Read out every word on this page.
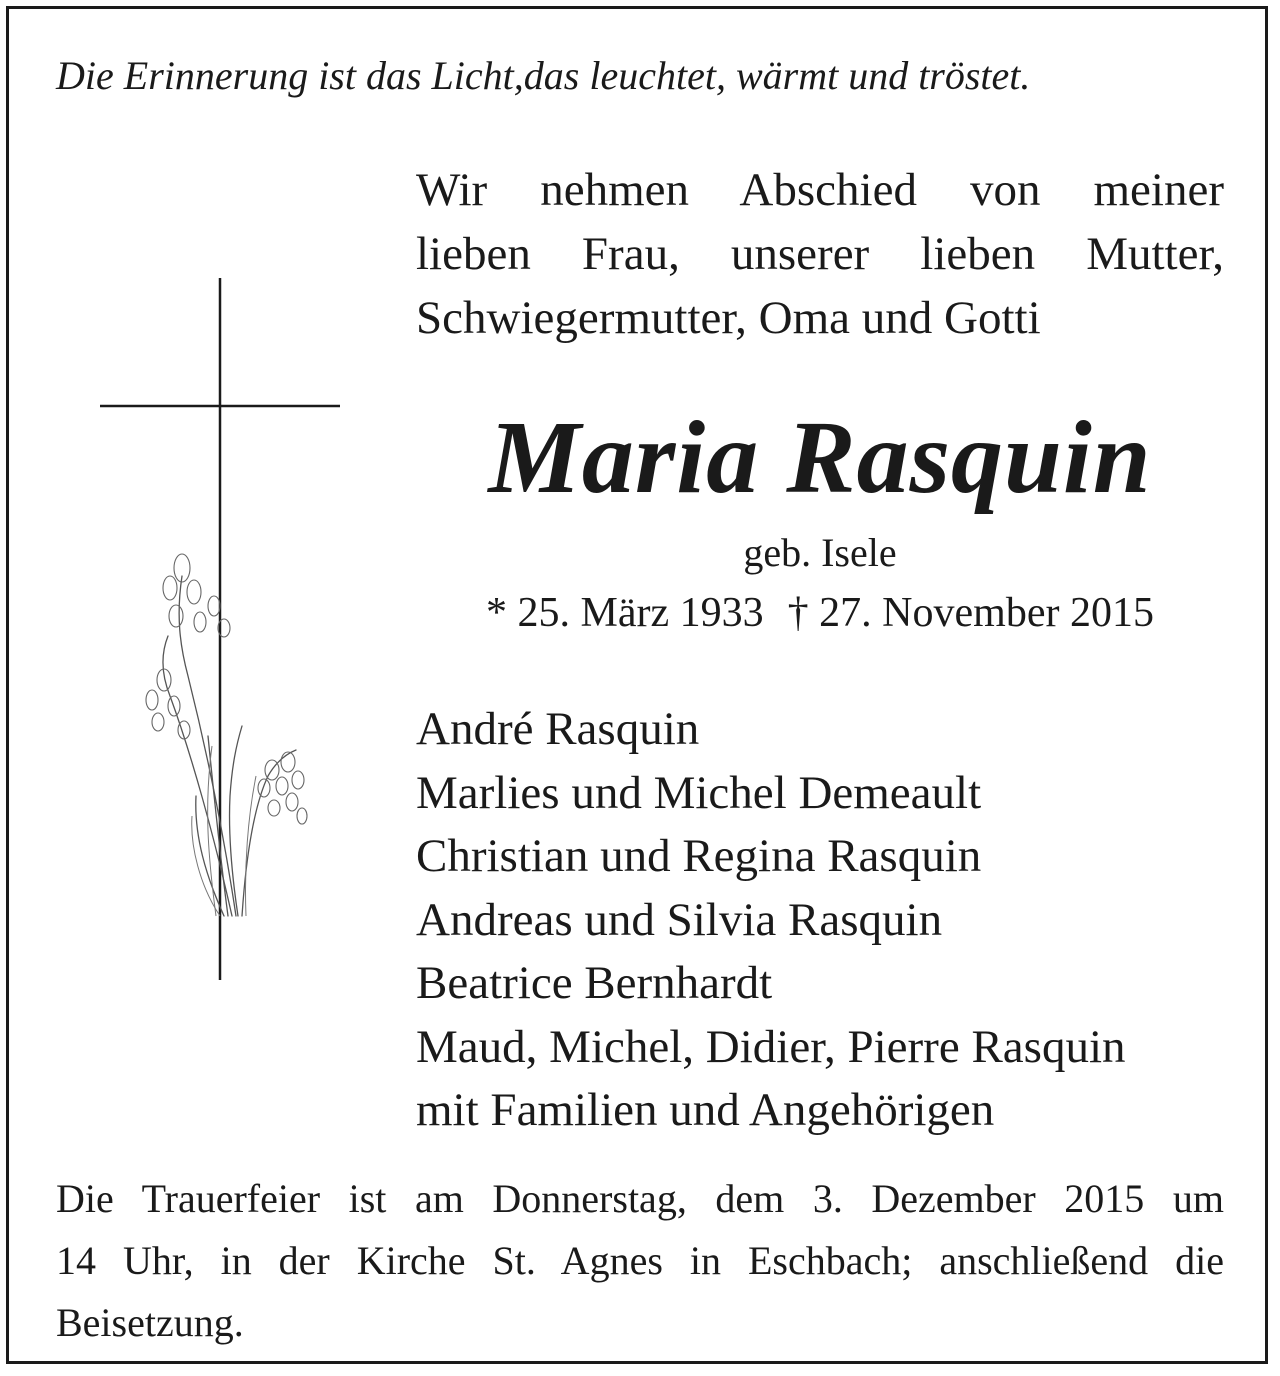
Die Erinnerung ist das Licht,das leuchtet, wärmt und tröstet.

Wir nehmen Abschied von meiner
lieben Frau, unserer lieben Mutter,
Schwiegermutter, Oma und Gotti

Maria Rasquin

geb. Isele

* 25. März 1933 † 27. November 2015

André Rasquin
Marlies und Michel Demeault
Christian und Regina Rasquin
Andreas und Silvia Rasquin
Beatrice Bernhardt
Maud, Michel, Didier, Pierre Rasquin
mit Familien und Angehörigen

Die Trauerfeier ist am Donnerstag, dem 3. Dezember 2015 um
14 Uhr, in der Kirche St. Agnes in Eschbach; anschließend die
Beisetzung.
